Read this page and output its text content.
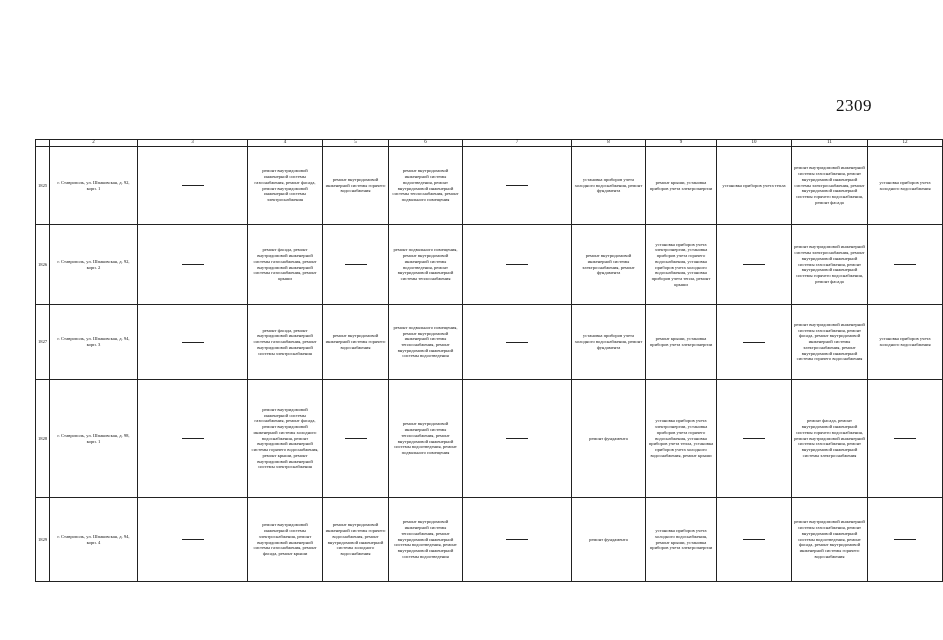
2309
	2	3	4	5	6	7	8	9	10	11	12
1825	г. Ставрополь, ул. Шпаковская, д. 92, корп. 1		ремонт внутридомовой инженерной системы газоснабжения, ремонт фасада, ремонт внутридомовой инженерной системы электроснабжения	ремонт внутридомовой инженерной системы горячего водоснабжения	ремонт внутридомовой инженерной системы водоотведения, ремонт внутридомовой инженерной системы теплоснабжения, ремонт подвального помещения		установка приборов учета холодного водоснабжения, ремонт фундамента	ремонт крыши, установка приборов учета электроэнергии	установка приборов учета тепла	ремонт внутридомовой инженерной системы газоснабжения, ремонт внутридомовой инженерной системы электроснабжения, ремонт внутридомовой инженерной системы горячего водоснабжения, ремонт фасада	установка приборов учета холодного водоснабжения
1826	г. Ставрополь, ул. Шпаковская, д. 92, корп. 2		ремонт фасада, ремонт внутридомовой инженерной системы газоснабжения, ремонт внутридомовой инженерной системы газоснабжения, ремонт крыши		ремонт подвального помещения, ремонт внутридомовой инженерной системы водоотведения, ремонт внутридомовой инженерной системы теплоснабжения		ремонт внутридомовой инженерной системы электроснабжения, ремонт фундамента	установка приборов учета электроэнергии, установка приборов учета горячего водоснабжения, установка приборов учета холодного водоснабжения, установка приборов учета тепла, ремонт крыши		ремонт внутридомовой инженерной системы электроснабжения, ремонт внутридомовой инженерной системы газоснабжения, ремонт внутридомовой инженерной системы горячего водоснабжения, ремонт фасада	
1827	г. Ставрополь, ул. Шпаковская, д. 94, корп. 3		ремонт фасада, ремонт внутридомовой инженерной системы газоснабжения, ремонт внутридомовой инженерной системы электроснабжения	ремонт внутридомовой инженерной системы горячего водоснабжения	ремонт подвального помещения, ремонт внутридомовой инженерной системы теплоснабжения, ремонт внутридомовой инженерной системы водоотведения		установка приборов учета холодного водоснабжения, ремонт фундамента	ремонт крыши, установка приборов учета электроэнергии		ремонт внутридомовой инженерной системы газоснабжения, ремонт фасада, ремонт внутридомовой инженерной системы электроснабжения, ремонт внутридомовой инженерной системы горячего водоснабжения	установка приборов учета холодного водоснабжения
1828	г. Ставрополь, ул. Шпаковская, д. 98, корп. 1		ремонт внутридомовой инженерной системы газоснабжения, ремонт фасада, ремонт внутридомовой инженерной системы холодного водоснабжения, ремонт внутридомовой инженерной системы горячего водоснабжения, ремонт крыши, ремонт внутридомовой инженерной системы электроснабжения		ремонт внутридомовой инженерной системы теплоснабжения, ремонт внутридомовой инженерной системы водоотведения, ремонт подвального помещения		ремонт фундамента	установка приборов учета электроэнергии, установка приборов учета горячего водоснабжения, установка приборов учета тепла, установка приборов учета холодного водоснабжения, ремонт крыши		ремонт фасада, ремонт внутридомовой инженерной системы горячего водоснабжения, ремонт внутридомовой инженерной системы газоснабжения, ремонт внутридомовой инженерной системы электроснабжения	
1829	г. Ставрополь, ул. Шпаковская, д. 94, корп. 4		ремонт внутридомовой инженерной системы электроснабжения, ремонт внутридомовой инженерной системы газоснабжения, ремонт фасада, ремонт крыши	ремонт внутридомовой инженерной системы горячего водоснабжения, ремонт внутридомовой инженерной системы холодного водоснабжения	ремонт внутридомовой инженерной системы теплоснабжения, ремонт внутридомовой инженерной системы водоотведения, ремонт внутридомовой инженерной системы водоотведения		ремонт фундамента	установка приборов учета холодного водоснабжения, ремонт крыши, установка приборов учета электроэнергии		ремонт внутридомовой инженерной системы газоснабжения, ремонт внутридомовой инженерной системы водоотведения, ремонт фасада, ремонт внутридомовой инженерной системы горячего водоснабжения	
